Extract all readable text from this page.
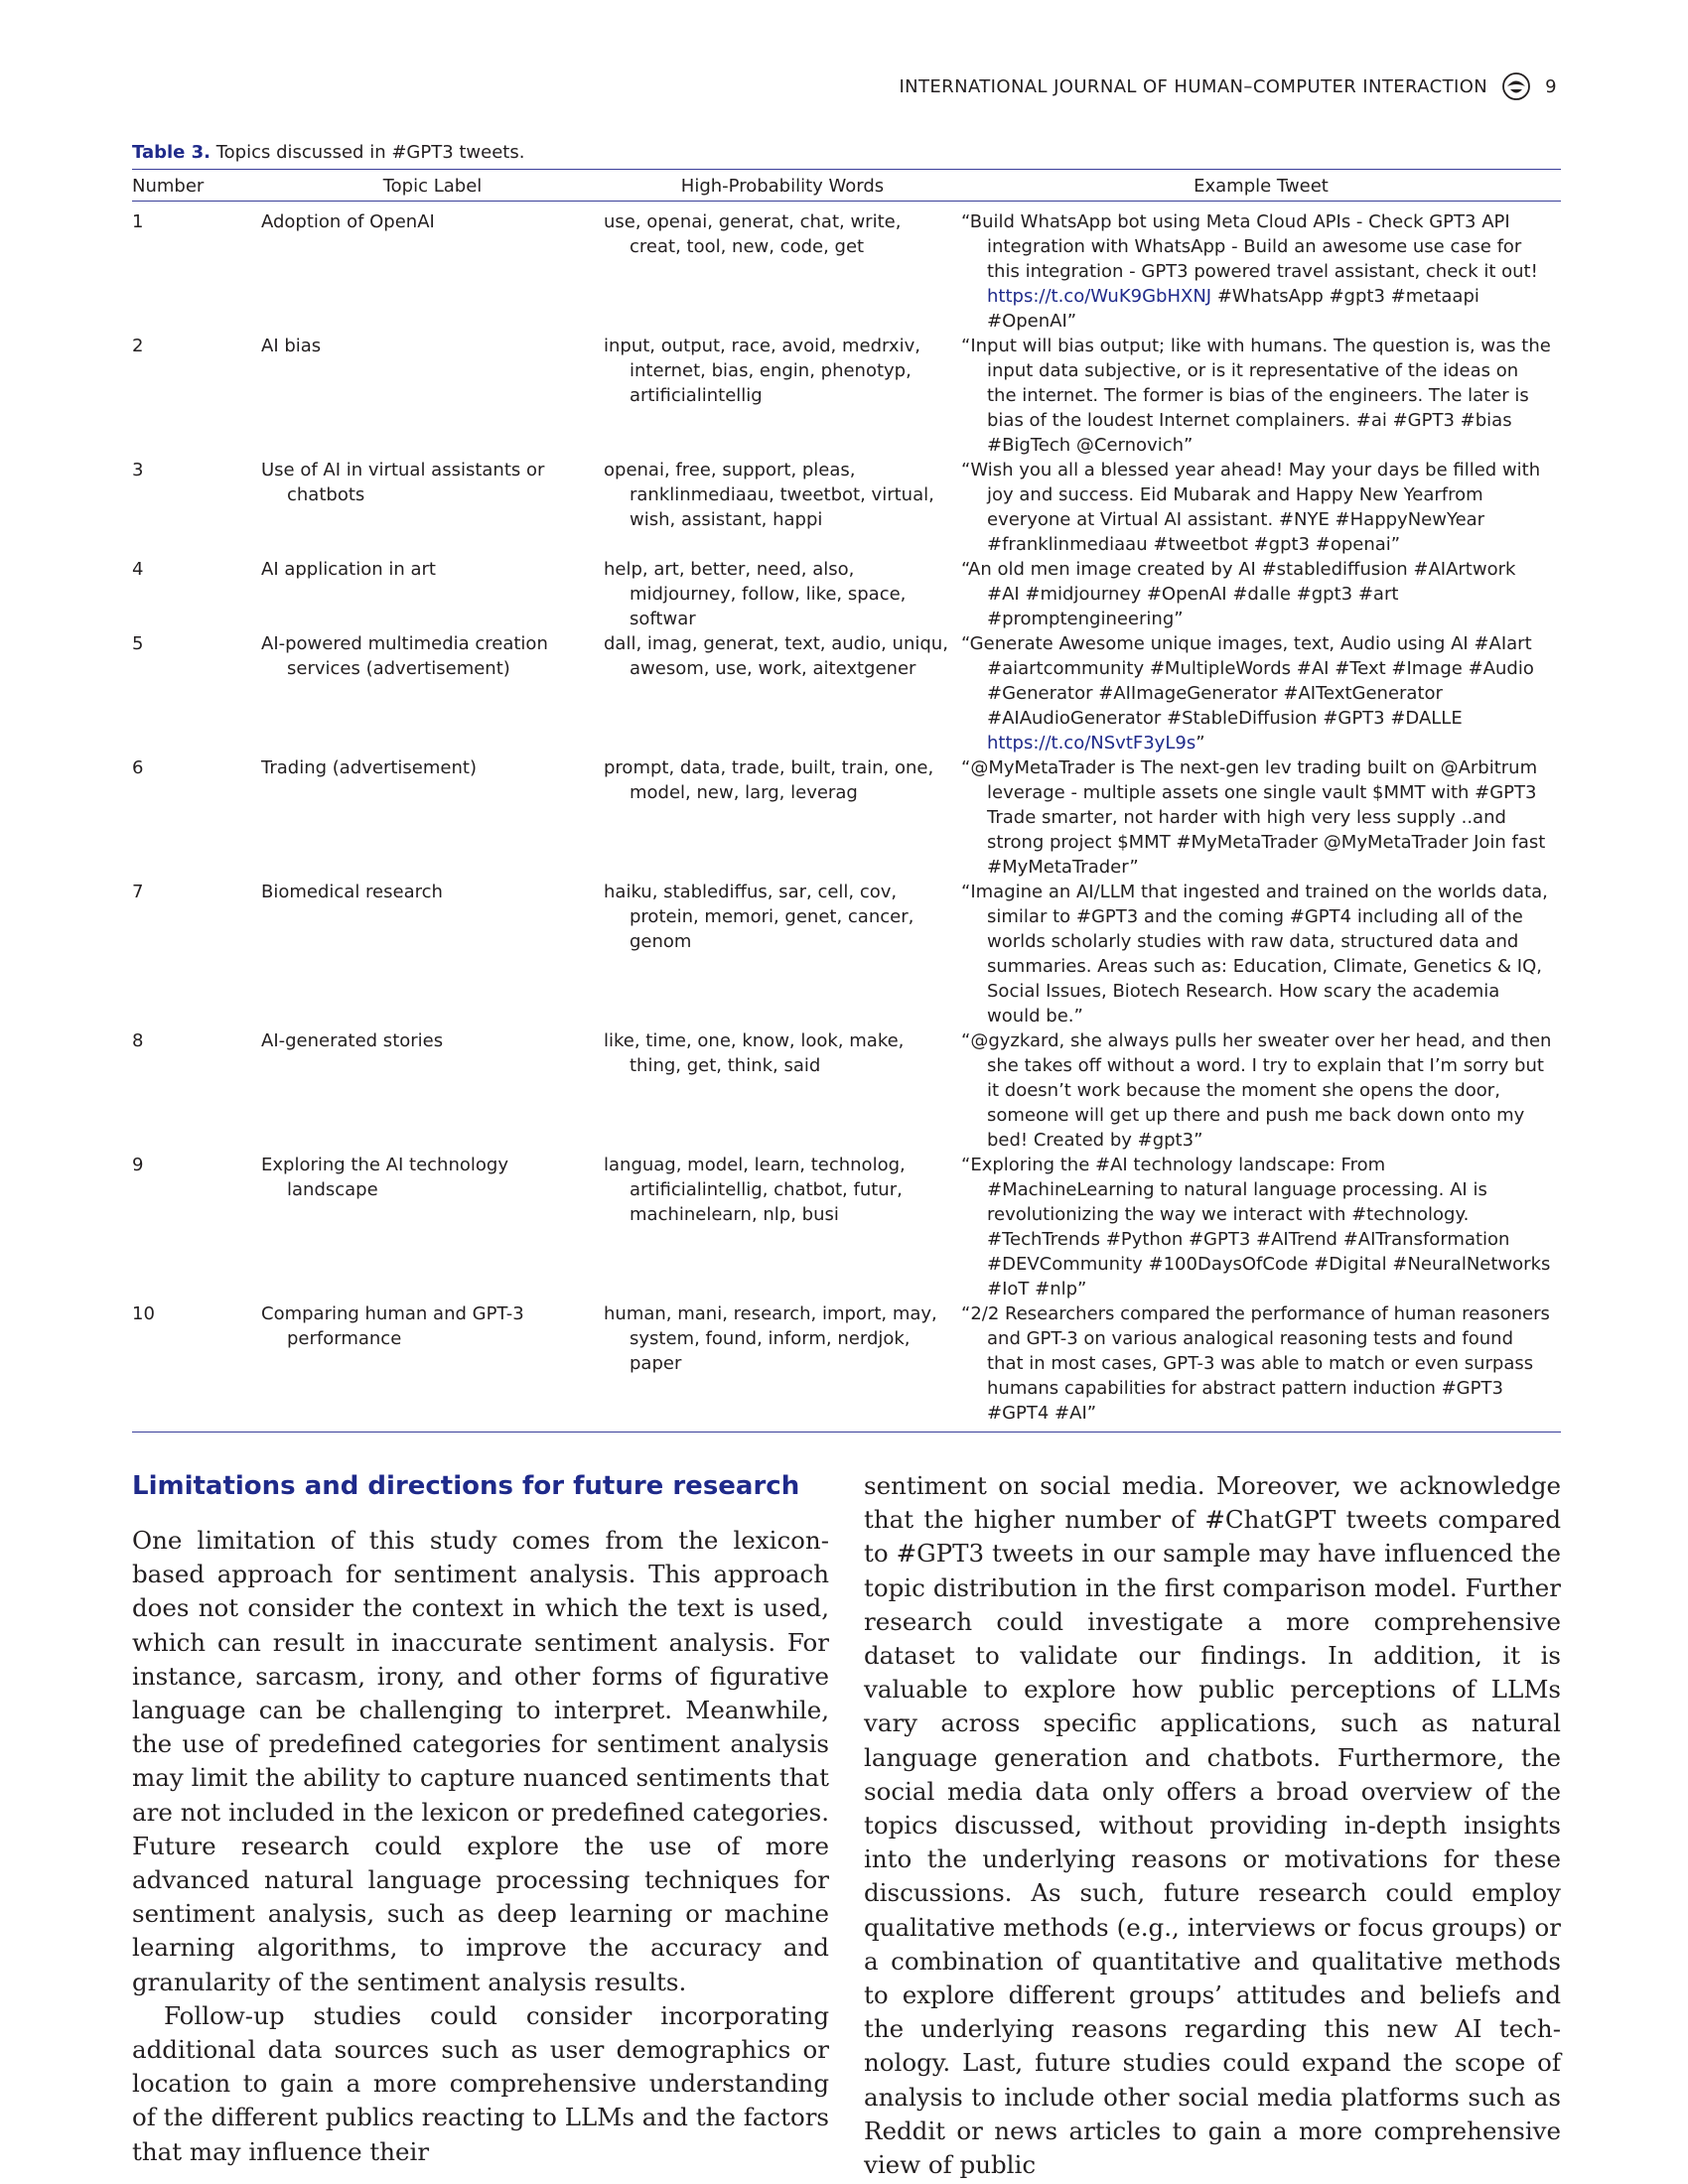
INTERNATIONAL JOURNAL OF HUMAN–COMPUTER INTERACTION	9
Table 3. Topics discussed in #GPT3 tweets.
Number	Topic Label	High-Probability Words	Example Tweet
1	Adoption of OpenAI	use, openai, generat, chat, write, creat, tool, new, code, get	“Build WhatsApp bot using Meta Cloud APIs - Check GPT3 API integration with WhatsApp - Build an awesome use case for this integration - GPT3 powered travel assistant, check it out! https://t.co/WuK9GbHXNJ #WhatsApp #gpt3 #metaapi #OpenAI”
2	AI bias	input, output, race, avoid, medrxiv, internet, bias, engin, phenotyp, artificialintellig	“Input will bias output; like with humans. The question is, was the input data subjective, or is it representative of the ideas on the internet. The former is bias of the engineers. The later is bias of the loudest Internet complainers. #ai #GPT3 #bias #BigTech @Cernovich”
3	Use of AI in virtual assistants or chatbots	openai, free, support, pleas, ranklinmediaau, tweetbot, virtual, wish, assistant, happi	“Wish you all a blessed year ahead! May your days be filled with joy and success. Eid Mubarak and Happy New Yearfrom everyone at Virtual AI assistant. #NYE #HappyNewYear #franklinmediaau #tweetbot #gpt3 #openai”
4	AI application in art	help, art, better, need, also, midjourney, follow, like, space, softwar	“An old men image created by AI #stablediffusion #AIArtwork #AI #midjourney #OpenAI #dalle #gpt3 #art #promptengineering”
5	AI-powered multimedia creation services (advertisement)	dall, imag, generat, text, audio, uniqu, awesom, use, work, aitextgener	“Generate Awesome unique images, text, Audio using AI #AIart #aiartcommunity #MultipleWords #AI #Text #Image #Audio #Generator #AIImageGenerator #AITextGenerator #AIAudioGenerator #StableDiffusion #GPT3 #DALLE https://t.co/NSvtF3yL9s”
6	Trading (advertisement)	prompt, data, trade, built, train, one, model, new, larg, leverag	“@MyMetaTrader is The next-gen lev trading built on @Arbitrum leverage - multiple assets one single vault $MMT with #GPT3 Trade smarter, not harder with high very less supply ..and strong project $MMT #MyMetaTrader @MyMetaTrader Join fast #MyMetaTrader”
7	Biomedical research	haiku, stablediffus, sar, cell, cov, protein, memori, genet, cancer, genom	“Imagine an AI/LLM that ingested and trained on the worlds data, similar to #GPT3 and the coming #GPT4 including all of the worlds scholarly studies with raw data, structured data and summaries. Areas such as: Education, Climate, Genetics & IQ, Social Issues, Biotech Research. How scary the academia would be.”
8	AI-generated stories	like, time, one, know, look, make, thing, get, think, said	“@gyzkard, she always pulls her sweater over her head, and then she takes off without a word. I try to explain that I’m sorry but it doesn’t work because the moment she opens the door, someone will get up there and push me back down onto my bed! Created by #gpt3”
9	Exploring the AI technology landscape	languag, model, learn, technolog, artificialintellig, chatbot, futur, machinelearn, nlp, busi	“Exploring the #AI technology landscape: From #MachineLearning to natural language processing. AI is revolutionizing the way we interact with #technology. #TechTrends #Python #GPT3 #AITrend #AITransformation #DEVCommunity #100DaysOfCode #Digital #NeuralNetworks #IoT #nlp”
10	Comparing human and GPT-3 performance	human, mani, research, import, may, system, found, inform, nerdjok, paper	“2/2 Researchers compared the performance of human reasoners and GPT-3 on various analogical reasoning tests and found that in most cases, GPT-3 was able to match or even surpass humans capabilities for abstract pattern induction #GPT3 #GPT4 #AI”
Limitations and directions for future research

One limitation of this study comes from the lexicon-based approach for sentiment analysis. This approach does not consider the context in which the text is used, which can result in inaccurate sentiment analysis. For instance, sarcasm, irony, and other forms of figurative language can be challenging to interpret. Meanwhile, the use of predefined categories for sentiment analysis may limit the ability to capture nuanced sentiments that are not included in the lexicon or predefined categories. Future research could explore the use of more advanced natural language processing techniques for sentiment analysis, such as deep learning or machine learning algorithms, to improve the accuracy and granularity of the sentiment analysis results.

Follow-up studies could consider incorporating additional data sources such as user demographics or location to gain a more comprehensive understanding of the different publics reacting to LLMs and the factors that may influence their

sentiment on social media. Moreover, we acknowledge that the higher number of #ChatGPT tweets compared to #GPT3 tweets in our sample may have influenced the topic distribution in the first comparison model. Further research could investigate a more comprehensive dataset to validate our findings. In addition, it is valuable to explore how public perceptions of LLMs vary across specific applications, such as natural language generation and chatbots. Furthermore, the social media data only offers a broad overview of the topics discussed, without providing in-depth insights into the underlying reasons or motivations for these discussions. As such, future research could employ qualitative methods (e.g., interviews or focus groups) or a combination of quantitative and qualitative methods to explore different groups’ attitudes and beliefs and the underlying reasons regarding this new AI technology. Last, future studies could expand the scope of analysis to include other social media platforms such as Reddit or news articles to gain a more comprehensive view of public
